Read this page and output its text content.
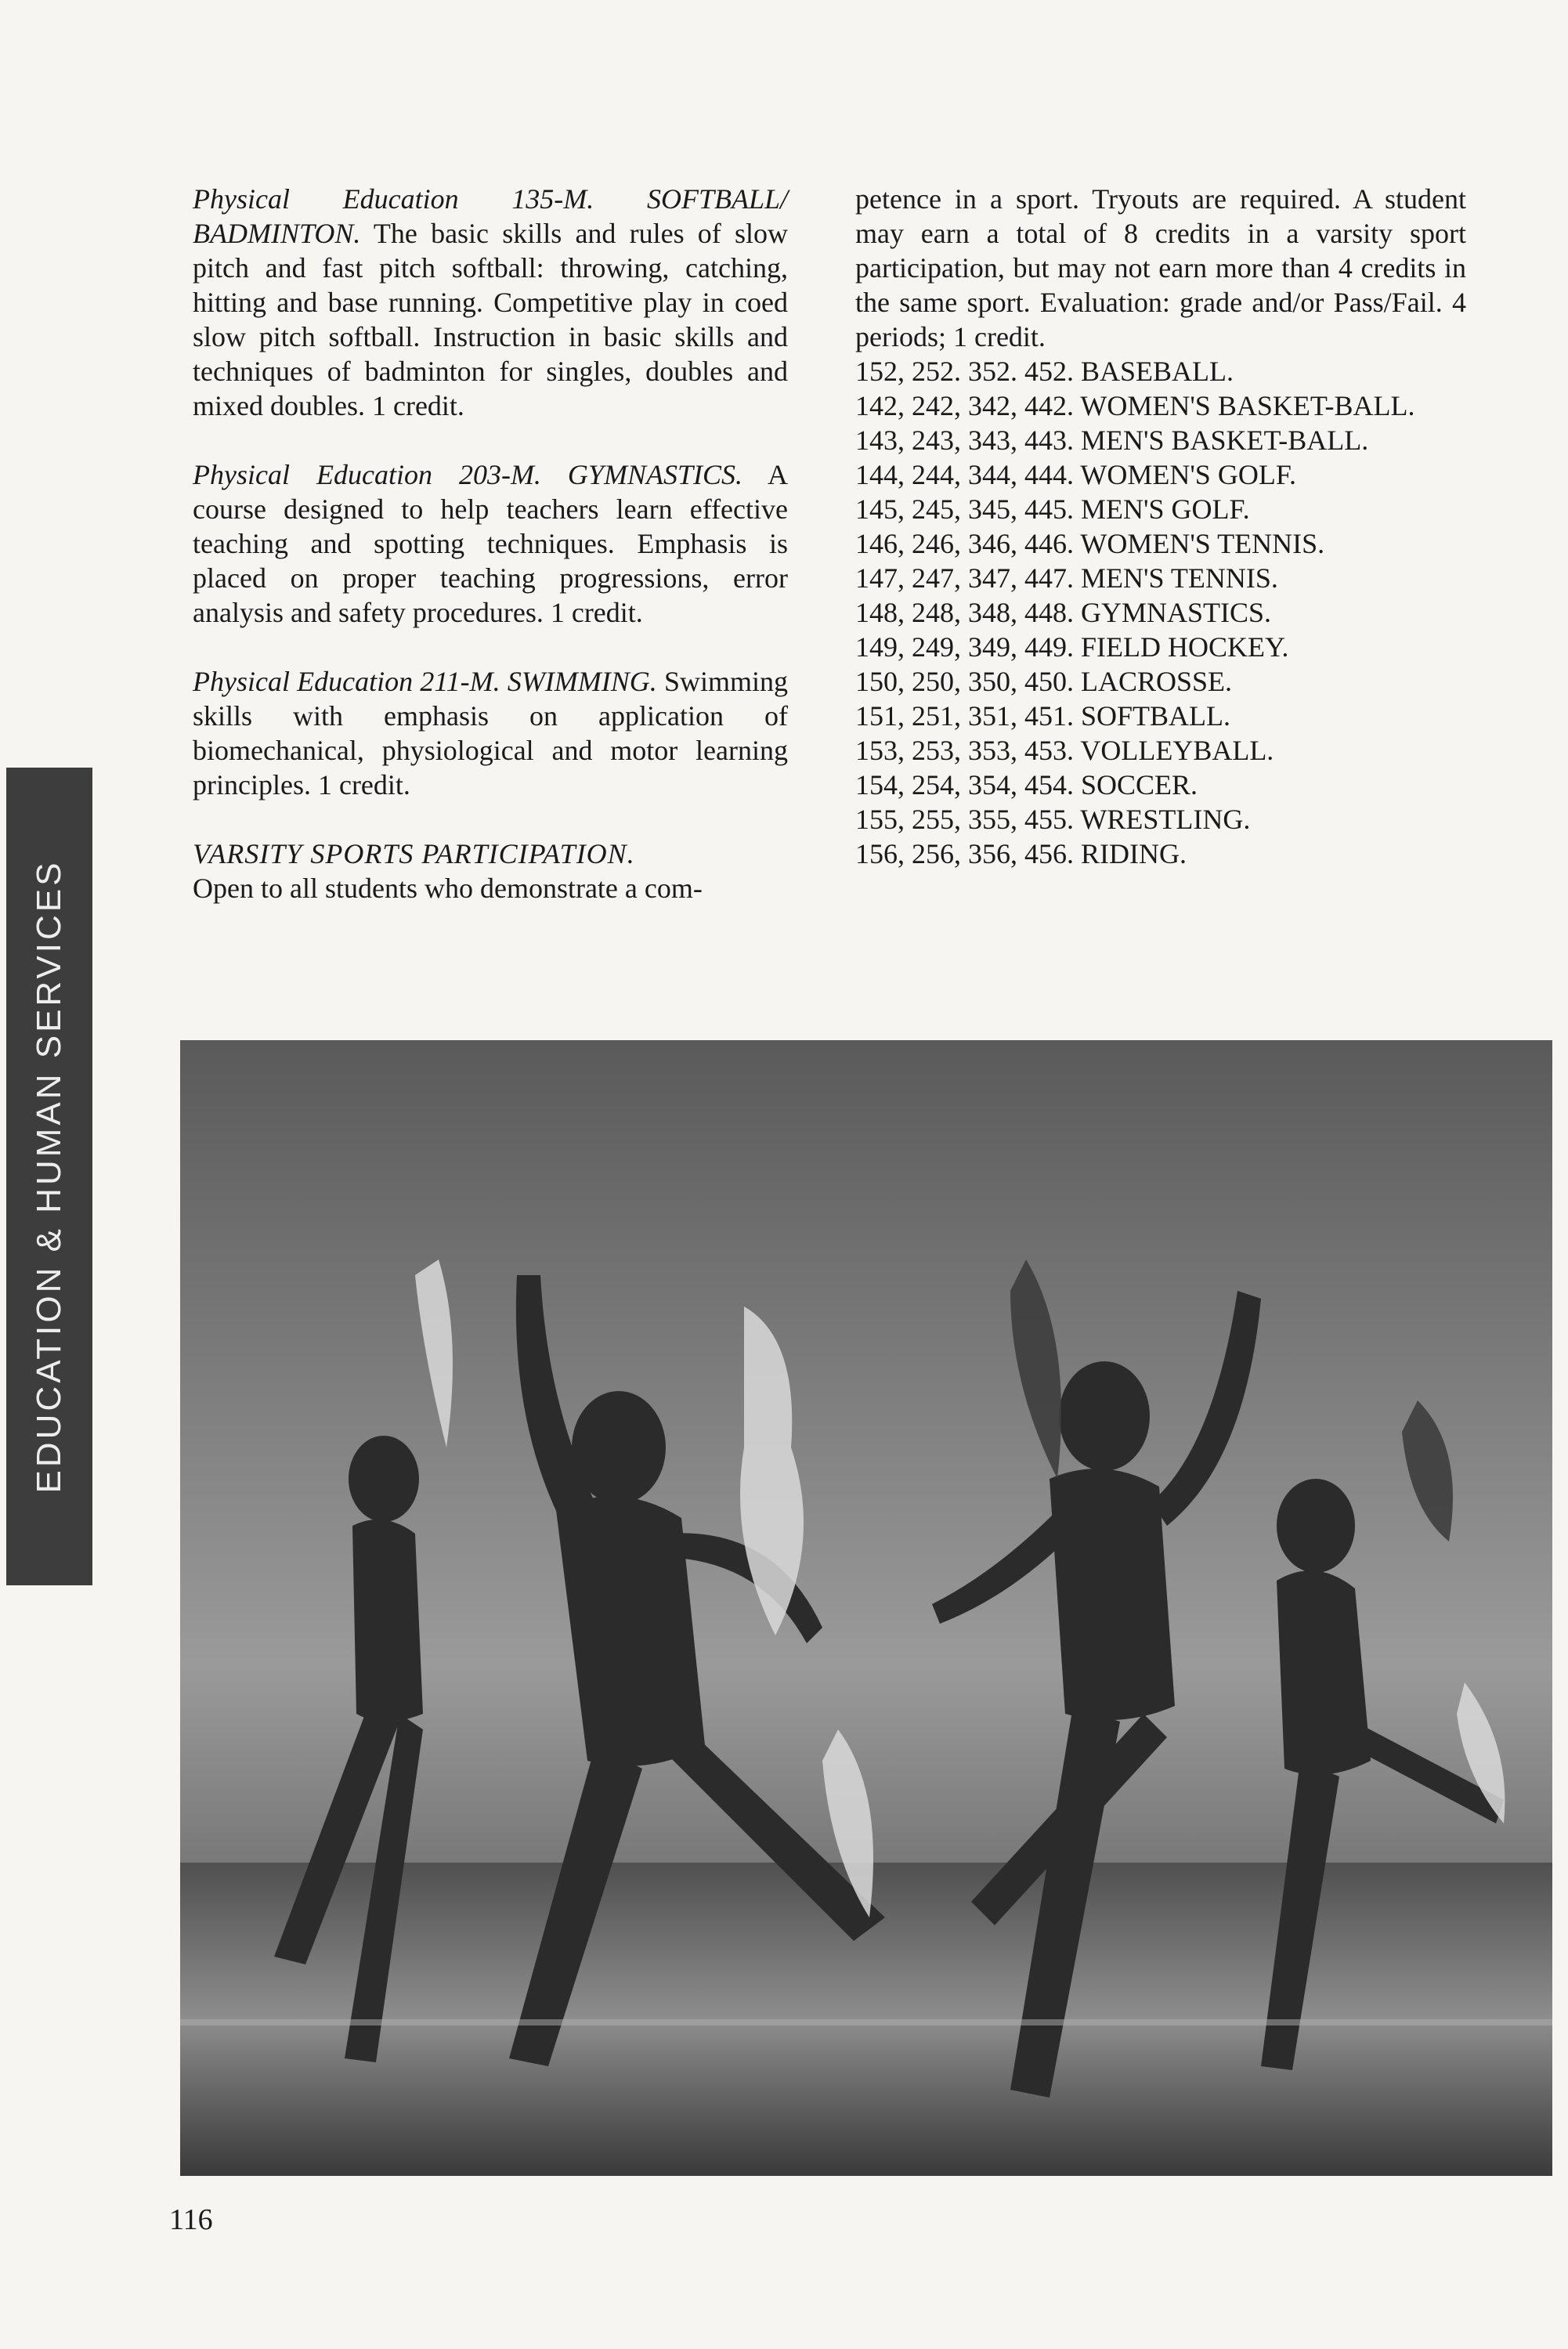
EDUCATION & HUMAN SERVICES

Physical Education 135-M. SOFTBALL/ BADMINTON. The basic skills and rules of slow pitch and fast pitch softball: throwing, catching, hitting and base running. Competitive play in coed slow pitch softball. Instruction in basic skills and techniques of badminton for singles, doubles and mixed doubles. 1 credit.

Physical Education 203-M. GYMNASTICS. A course designed to help teachers learn effective teaching and spotting techniques. Emphasis is placed on proper teaching progressions, error analysis and safety procedures. 1 credit.

Physical Education 211-M. SWIMMING. Swimming skills with emphasis on application of biomechanical, physiological and motor learning principles. 1 credit.

VARSITY SPORTS PARTICIPATION.
Open to all students who demonstrate a com-

petence in a sport. Tryouts are required. A student may earn a total of 8 credits in a varsity sport participation, but may not earn more than 4 credits in the same sport. Evaluation: grade and/or Pass/Fail. 4 periods; 1 credit.

152, 252. 352. 452. BASEBALL.
142, 242, 342, 442. WOMEN'S BASKET-BALL.
143, 243, 343, 443. MEN'S BASKET-BALL.
144, 244, 344, 444. WOMEN'S GOLF.
145, 245, 345, 445. MEN'S GOLF.
146, 246, 346, 446. WOMEN'S TENNIS.
147, 247, 347, 447. MEN'S TENNIS.
148, 248, 348, 448. GYMNASTICS.
149, 249, 349, 449. FIELD HOCKEY.
150, 250, 350, 450. LACROSSE.
151, 251, 351, 451. SOFTBALL.
153, 253, 353, 453. VOLLEYBALL.
154, 254, 354, 454. SOCCER.
155, 255, 355, 455. WRESTLING.
156, 256, 356, 456. RIDING.
116
